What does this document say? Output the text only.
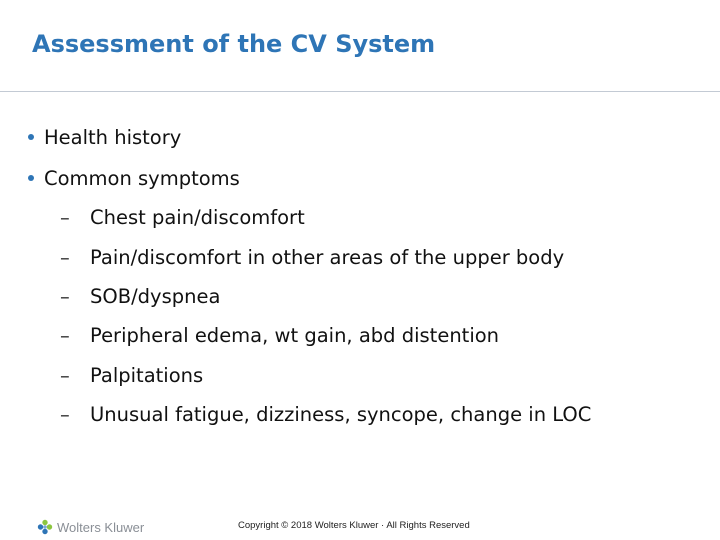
Assessment of the CV System
Health history
Common symptoms
– Chest pain/discomfort
– Pain/discomfort in other areas of the upper body
– SOB/dyspnea
– Peripheral edema, wt gain, abd distention
– Palpitations
– Unusual fatigue, dizziness, syncope, change in LOC
Wolters Kluwer	Copyright © 2018 Wolters Kluwer · All Rights Reserved
